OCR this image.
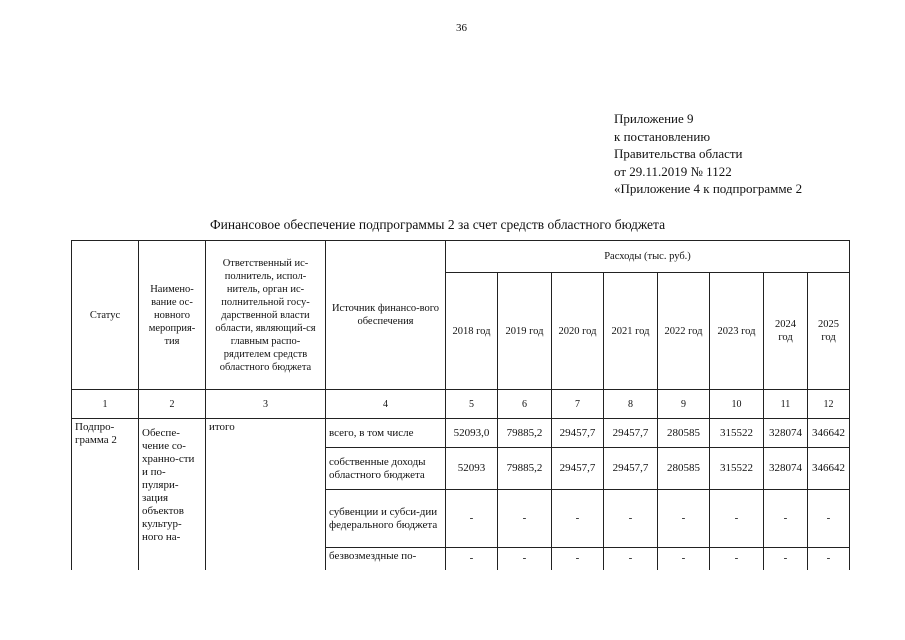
36
Приложение 9
к постановлению
Правительства области
от 29.11.2019 № 1122
«Приложение 4 к подпрограмме 2
Финансовое обеспечение подпрограммы 2 за счет средств областного бюджета
Статус	Наимено-вание ос-новного мероприя-тия	Ответственный ис-полнитель, испол-нитель, орган ис-полнительной госу-дарственной власти области, являющий-ся главным распо-рядителем средств областного бюджета	Источник финансо-вого обеспечения	Расходы (тыс. руб.)							
				2018 год	2019 год	2020 год	2021 год	2022 год	2023 год	2024 год	2025 год
1	2	3	4	5	6	7	8	9	10	11	12
Подпро-грамма 2	Обеспе-чение со-хранно-сти и по-пуляри-зация объектов культур-ного на-	итого	всего, в том числе	52093,0	79885,2	29457,7	29457,7	280585	315522	328074	346642
			собственные доходы областного бюджета	52093	79885,2	29457,7	29457,7	280585	315522	328074	346642
			субвенции и субси-дии федерального бюджета	-	-	-	-	-	-	-	-
			безвозмездные по-	-	-	-	-	-	-	-	-
